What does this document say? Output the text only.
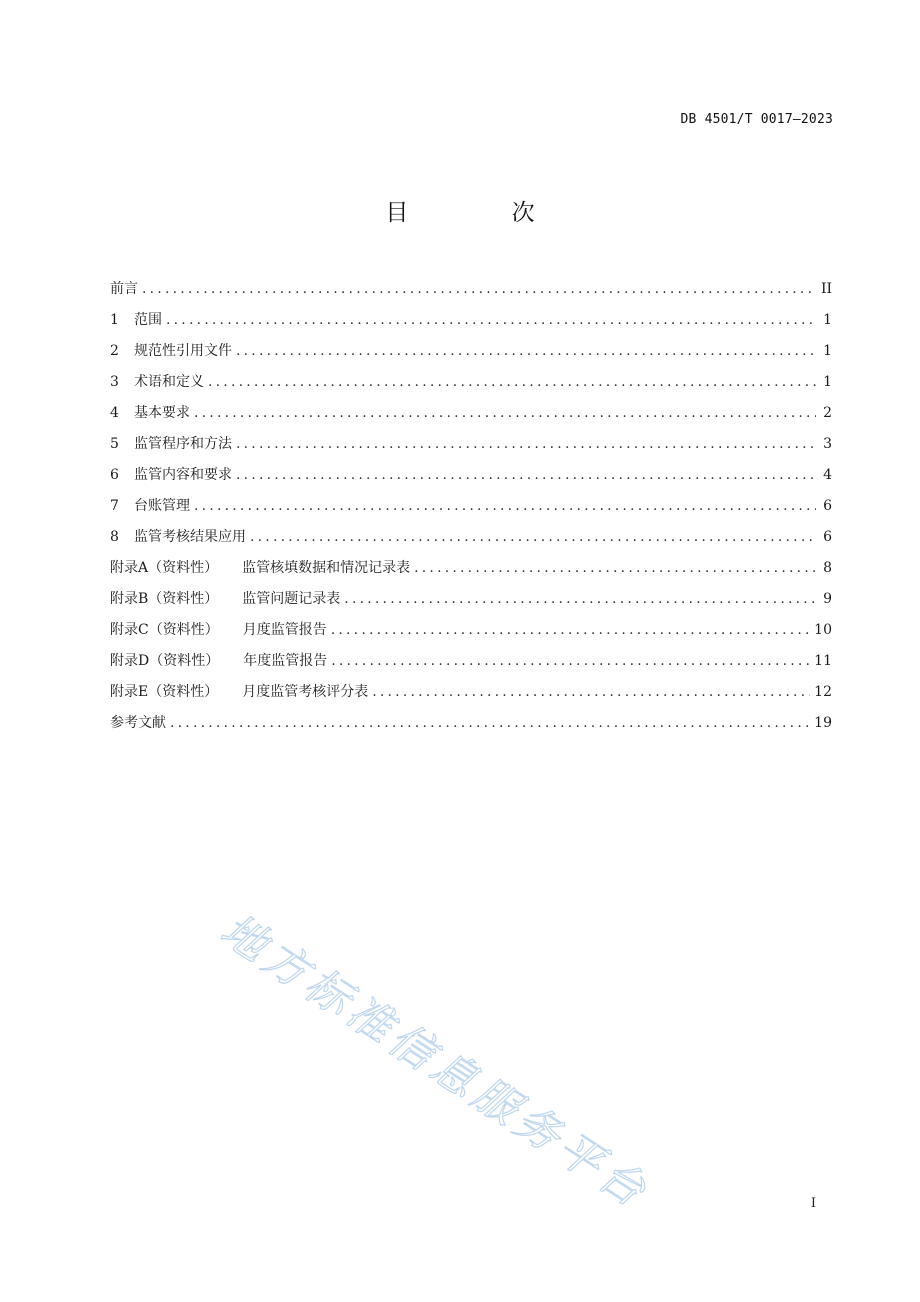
DB 4501/T 0017—2023
目 次
前言 .....	II
1	范围 .....	1
2	规范性引用文件 .....	1
3	术语和定义 .....	1
4	基本要求 .....	2
5	监管程序和方法 .....	3
6	监管内容和要求 .....	4
7	台账管理 .....	6
8	监管考核结果应用 .....	6
附录A（资料性）	监管核填数据和情况记录表 .....	8
附录B（资料性）	监管问题记录表 .....	9
附录C（资料性）	月度监管报告 .....	10
附录D（资料性）	年度监管报告 .....	11
附录E（资料性）	月度监管考核评分表 .....	12
参考文献 .....	19
地方标准信息服务平台	I
